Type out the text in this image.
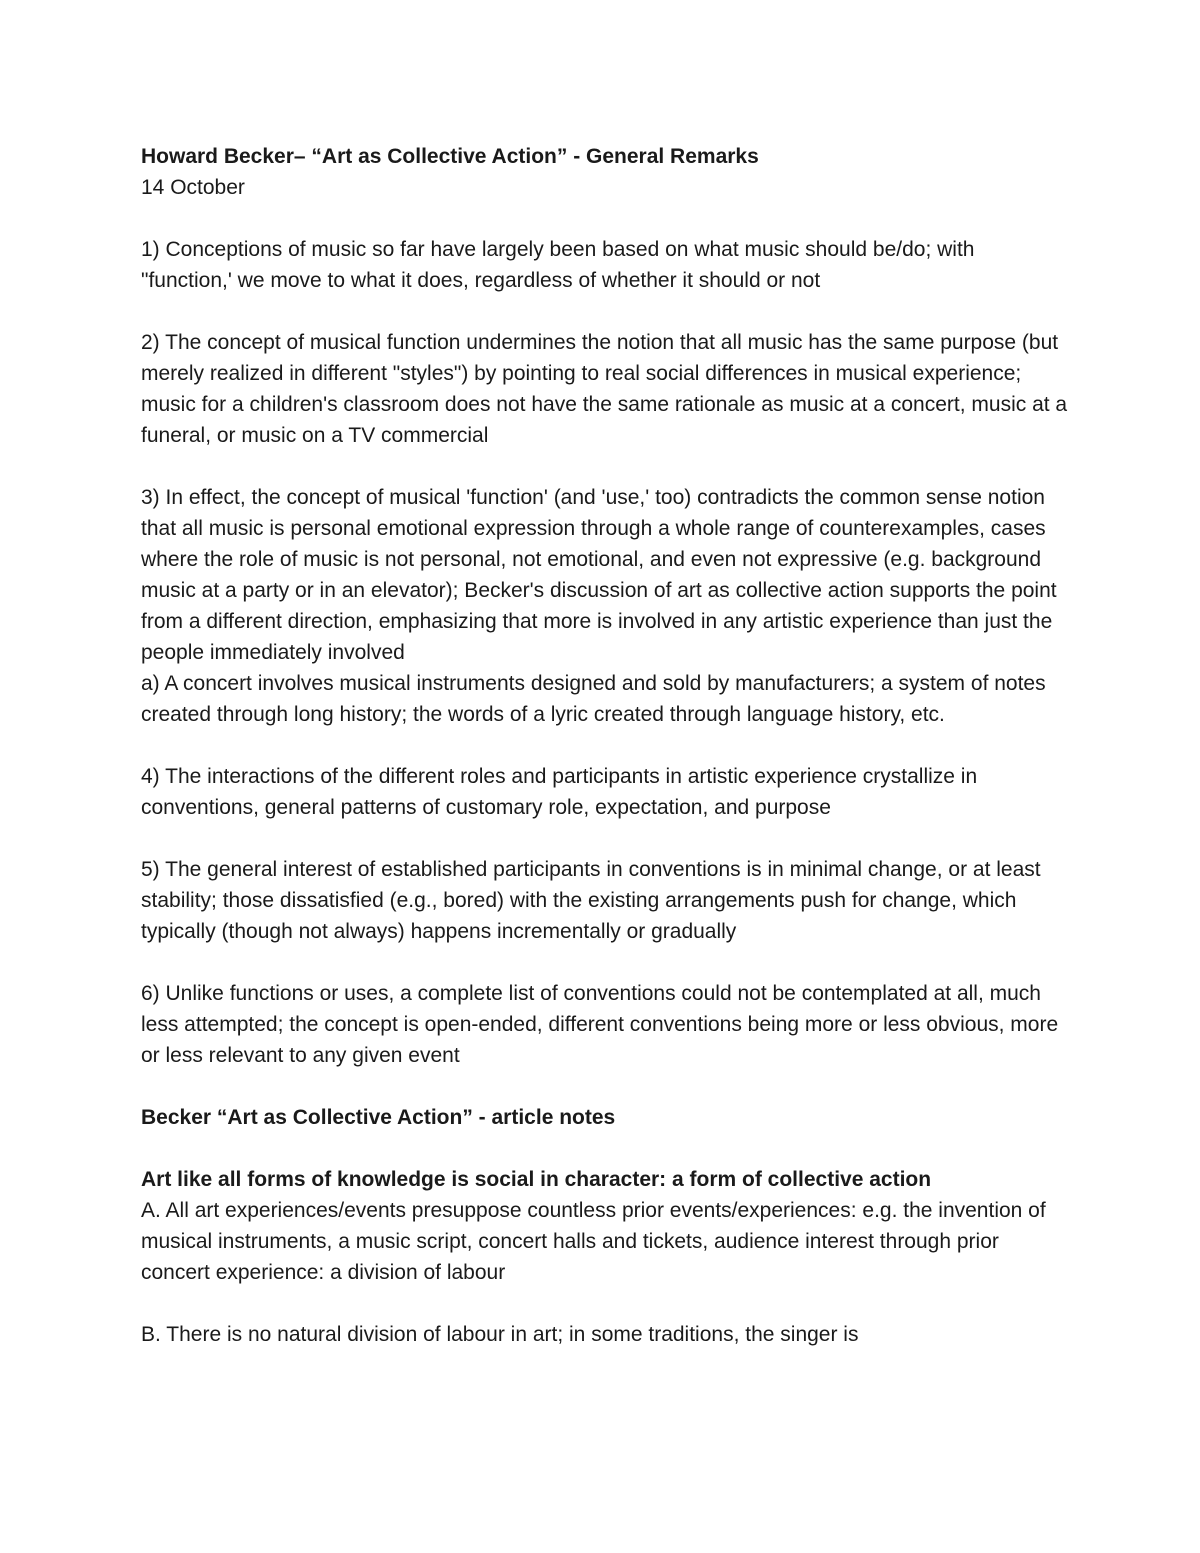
Howard Becker– “Art as Collective Action” - General Remarks

14 October

1) Conceptions of music so far have largely been based on what music should be/do; with "function,' we move to what it does, regardless of whether it should or not

2) The concept of musical function undermines the notion that all music has the same purpose (but merely realized in different "styles") by pointing to real social differences in musical experience; music for a children's classroom does not have the same rationale as music at a concert, music at a funeral, or music on a TV commercial

3) In effect, the concept of musical 'function' (and 'use,' too) contradicts the common sense notion that all music is personal emotional expression through a whole range of counterexamples, cases where the role of music is not personal, not emotional, and even not expressive (e.g. background music at a party or in an elevator); Becker's discussion of art as collective action supports the point from a different direction, emphasizing that more is involved in any artistic experience than just the people immediately involved

a) A concert involves musical instruments designed and sold by manufacturers; a system of notes created through long history; the words of a lyric created through language history, etc.

4) The interactions of the different roles and participants in artistic experience crystallize in conventions, general patterns of customary role, expectation, and purpose

5) The general interest of established participants in conventions is in minimal change, or at least stability; those dissatisfied (e.g., bored) with the existing arrangements push for change, which typically (though not always) happens incrementally or gradually

6) Unlike functions or uses, a complete list of conventions could not be contemplated at all, much less attempted; the concept is open-ended, different conventions being more or less obvious, more or less relevant to any given event

Becker “Art as Collective Action” - article notes

Art like all forms of knowledge is social in character: a form of collective action

A. All art experiences/events presuppose countless prior events/experiences: e.g. the invention of musical instruments, a music script, concert halls and tickets, audience interest through prior concert experience: a division of labour

B. There is no natural division of labour in art; in some traditions, the singer is
